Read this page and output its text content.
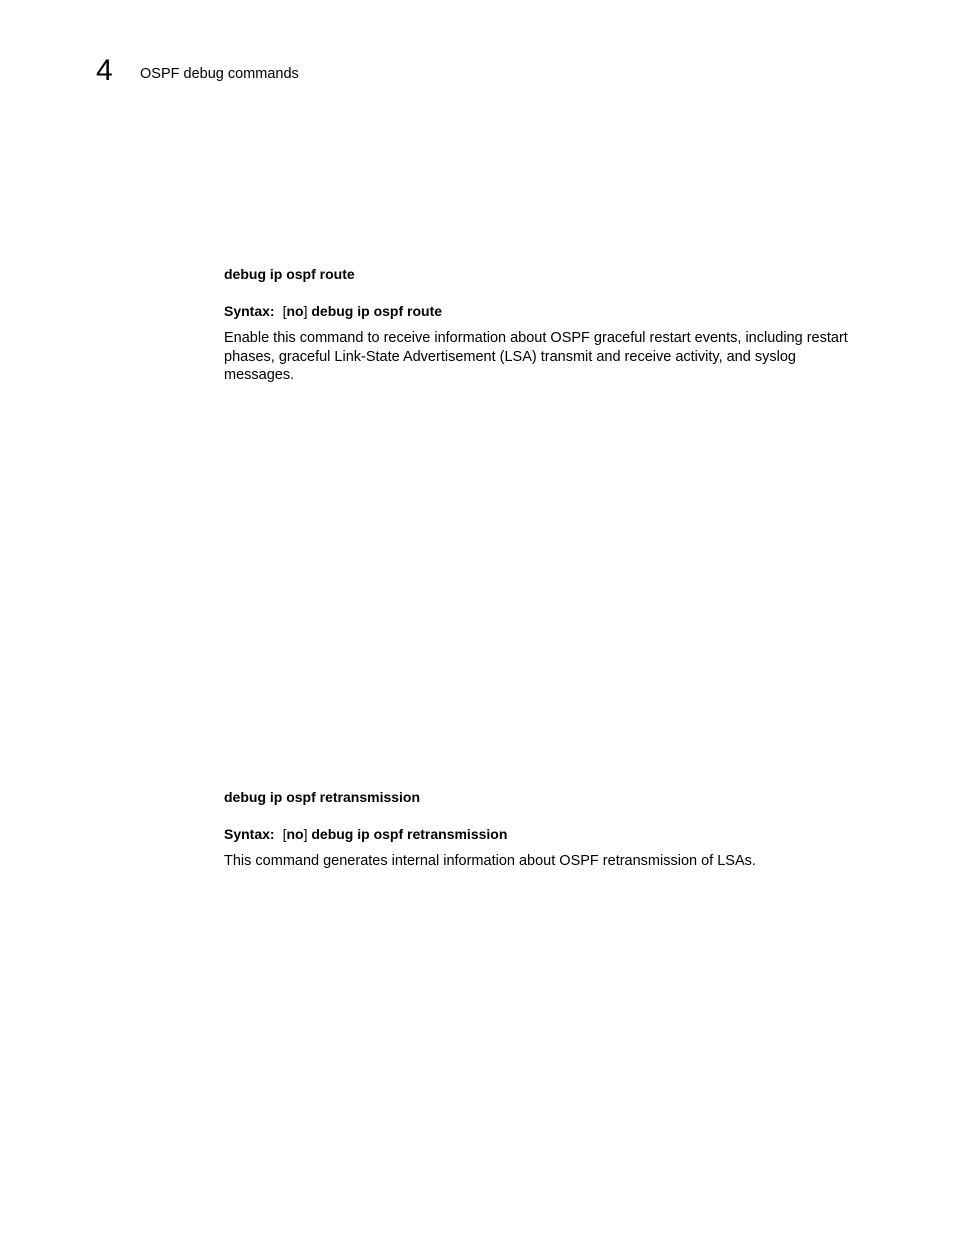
4 OSPF debug commands

debug ip ospf route

Syntax: [no] debug ip ospf route

Enable this command to receive information about OSPF graceful restart events, including restart phases, graceful Link-State Advertisement (LSA) transmit and receive activity, and syslog messages.

debug ip ospf retransmission

Syntax: [no] debug ip ospf retransmission

This command generates internal information about OSPF retransmission of LSAs.
